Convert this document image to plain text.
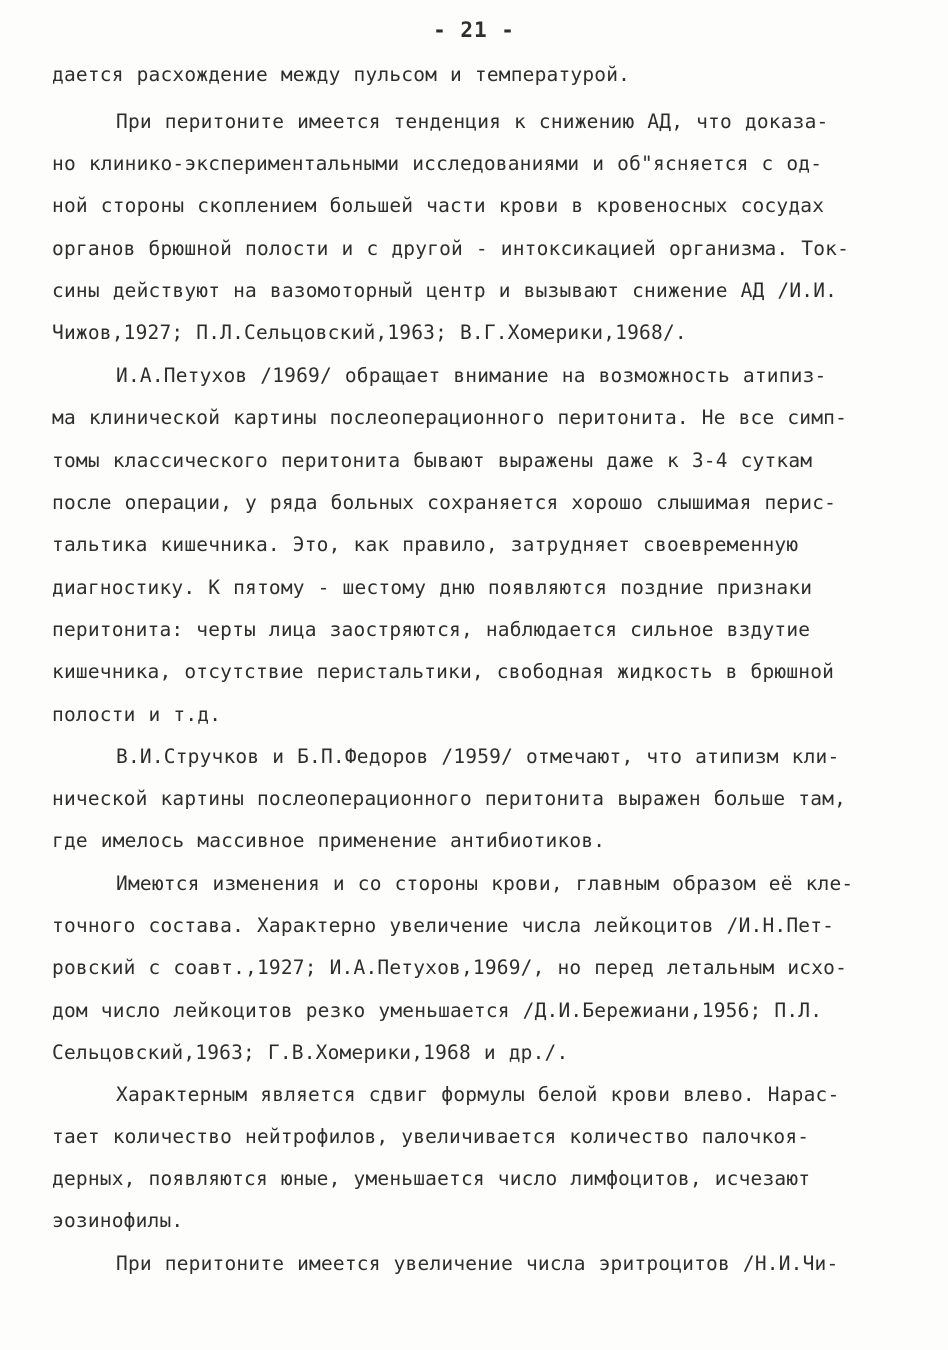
- 21 -
дается расхождение между пульсом и температурой.
При перитоните имеется тенденция к снижению АД, что доказа-
но клинико-экспериментальными исследованиями и об"ясняется с од-
ной стороны скоплением большей части крови в кровеносных сосудах
органов брюшной полости и с другой - интоксикацией организма. Ток-
сины действуют на вазомоторный центр и вызывают снижение АД /И.И.
Чижов,1927; П.Л.Сельцовский,1963; В.Г.Хомерики,1968/.
И.А.Петухов /1969/ обращает внимание на возможность атипиз-
ма клинической картины послеоперационного перитонита. Не все симп-
томы классического перитонита бывают выражены даже к 3-4 суткам
после операции, у ряда больных сохраняется хорошо слышимая перис-
тальтика кишечника. Это, как правило, затрудняет своевременную
диагностику. К пятому - шестому дню появляются поздние признаки
перитонита: черты лица заостряются, наблюдается сильное вздутие
кишечника, отсутствие перистальтики, свободная жидкость в брюшной
полости и т.д.
В.И.Стручков и Б.П.Федоров /1959/ отмечают, что атипизм кли-
нической картины послеоперационного перитонита выражен больше там,
где имелось массивное применение антибиотиков.
Имеются изменения и со стороны крови, главным образом её кле-
точного состава. Характерно увеличение числа лейкоцитов /И.Н.Пет-
ровский с соавт.,1927; И.А.Петухов,1969/, но перед летальным исхо-
дом число лейкоцитов резко уменьшается /Д.И.Бережиани,1956; П.Л.
Сельцовский,1963; Г.В.Хомерики,1968 и др./.
Характерным является сдвиг формулы белой крови влево. Нарас-
тает количество нейтрофилов, увеличивается количество палочкоя-
дерных, появляются юные, уменьшается число лимфоцитов, исчезают
эозинофилы.
При перитоните имеется увеличение числа эритроцитов /Н.И.Чи-
